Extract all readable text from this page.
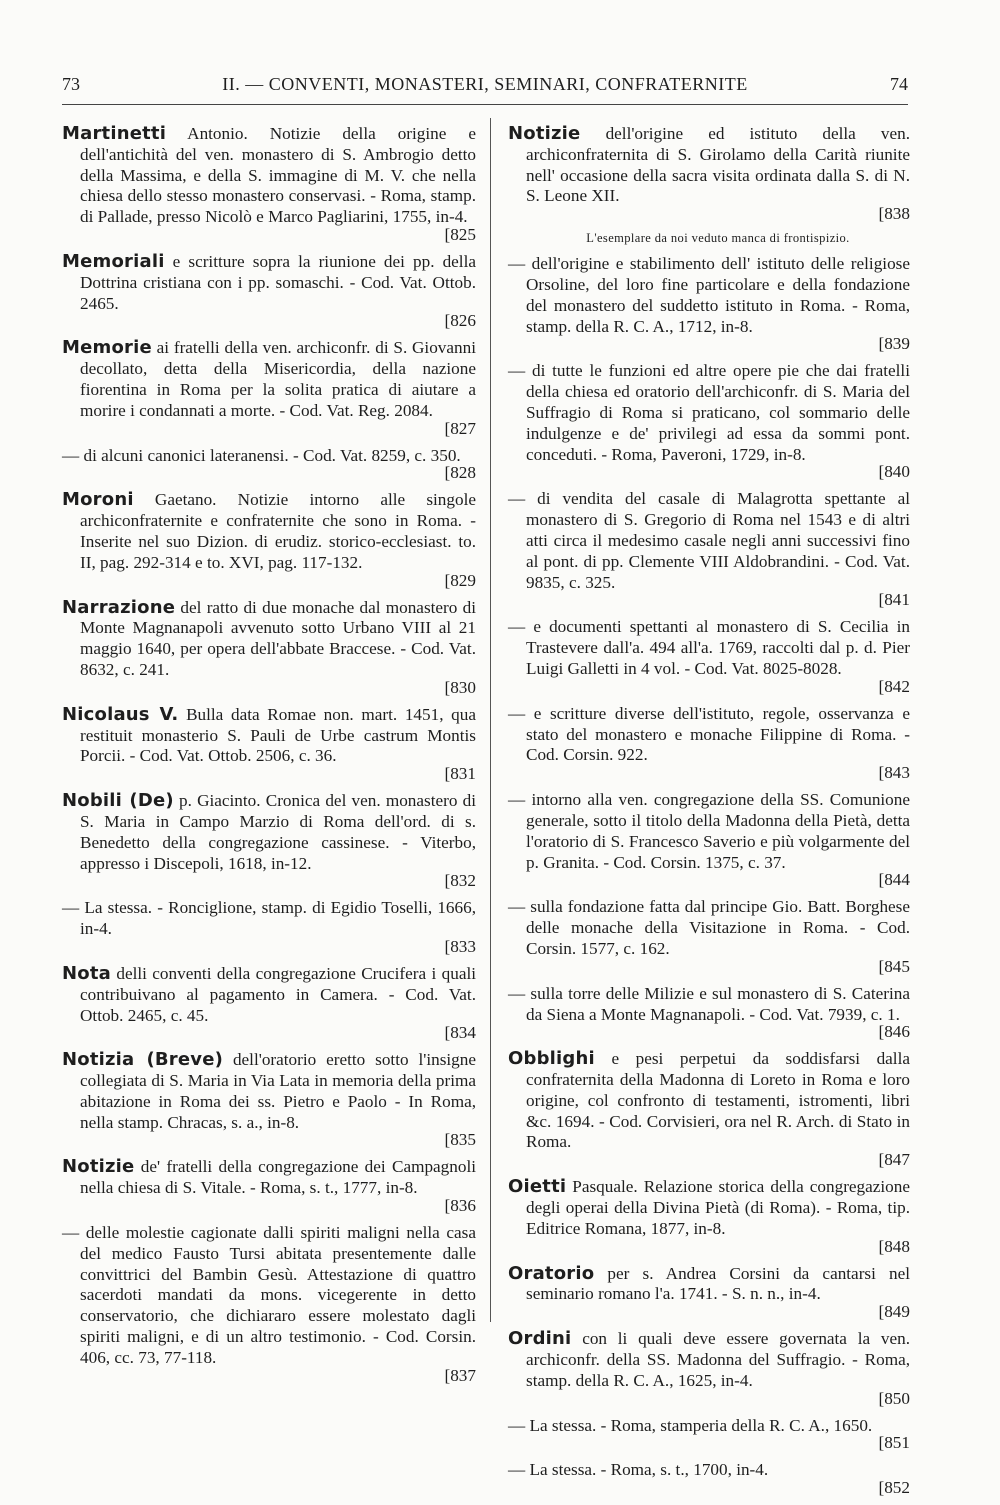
73	II. — CONVENTI, MONASTERI, SEMINARI, CONFRATERNITE	74
Martinetti Antonio. Notizie della origine e dell'antichità del ven. monastero di S. Ambrogio detto della Massima, e della S. immagine di M. V. che nella chiesa dello stesso monastero conservasi. - Roma, stamp. di Pallade, presso Nicolò e Marco Pagliarini, 1755, in-4.
[825
Memoriali e scritture sopra la riunione dei pp. della Dottrina cristiana con i pp. somaschi. - Cod. Vat. Ottob. 2465.
[826
Memorie ai fratelli della ven. archiconfr. di S. Giovanni decollato, detta della Misericordia, della nazione fiorentina in Roma per la solita pratica di aiutare a morire i condannati a morte. - Cod. Vat. Reg. 2084.
[827
— di alcuni canonici lateranensi. - Cod. Vat. 8259, c. 350.
[828
Moroni Gaetano. Notizie intorno alle singole archiconfraternite e confraternite che sono in Roma. - Inserite nel suo Dizion. di erudiz. storico-ecclesiast. to. II, pag. 292-314 e to. XVI, pag. 117-132.
[829
Narrazione del ratto di due monache dal monastero di Monte Magnanapoli avvenuto sotto Urbano VIII al 21 maggio 1640, per opera dell'abbate Braccese. - Cod. Vat. 8632, c. 241.
[830
Nicolaus V. Bulla data Romae non. mart. 1451, qua restituit monasterio S. Pauli de Urbe castrum Montis Porcii. - Cod. Vat. Ottob. 2506, c. 36.
[831
Nobili (De) p. Giacinto. Cronica del ven. monastero di S. Maria in Campo Marzio di Roma dell'ord. di s. Benedetto della congregazione cassinese. - Viterbo, appresso i Discepoli, 1618, in-12.
[832
— La stessa. - Ronciglione, stamp. di Egidio Toselli, 1666, in-4.
[833
Nota delli conventi della congregazione Crucifera i quali contribuivano al pagamento in Camera. - Cod. Vat. Ottob. 2465, c. 45.
[834
Notizia (Breve) dell'oratorio eretto sotto l'insigne collegiata di S. Maria in Via Lata in memoria della prima abitazione in Roma dei ss. Pietro e Paolo - In Roma, nella stamp. Chracas, s. a., in-8.
[835
Notizie de' fratelli della congregazione dei Campagnoli nella chiesa di S. Vitale. - Roma, s. t., 1777, in-8.
[836
— delle molestie cagionate dalli spiriti maligni nella casa del medico Fausto Tursi abitata presentemente dalle convittrici del Bambin Gesù. Attestazione di quattro sacerdoti mandati da mons. vicegerente in detto conservatorio, che dichiararo essere molestato dagli spiriti maligni, e di un altro testimonio. - Cod. Corsin. 406, cc. 73, 77-118.
[837
Notizie dell'origine ed istituto della ven. archiconfraternita di S. Girolamo della Carità riunite nell' occasione della sacra visita ordinata dalla S. di N. S. Leone XII.
[838
L'esemplare da noi veduto manca di frontispizio.
— dell'origine e stabilimento dell' istituto delle religiose Orsoline, del loro fine particolare e della fondazione del monastero del suddetto istituto in Roma. - Roma, stamp. della R. C. A., 1712, in-8.
[839
— di tutte le funzioni ed altre opere pie che dai fratelli della chiesa ed oratorio dell'archiconfr. di S. Maria del Suffragio di Roma si praticano, col sommario delle indulgenze e de' privilegi ad essa da sommi pont. conceduti. - Roma, Paveroni, 1729, in-8.
[840
— di vendita del casale di Malagrotta spettante al monastero di S. Gregorio di Roma nel 1543 e di altri atti circa il medesimo casale negli anni successivi fino al pont. di pp. Clemente VIII Aldobrandini. - Cod. Vat. 9835, c. 325.
[841
— e documenti spettanti al monastero di S. Cecilia in Trastevere dall'a. 494 all'a. 1769, raccolti dal p. d. Pier Luigi Galletti in 4 vol. - Cod. Vat. 8025-8028.
[842
— e scritture diverse dell'istituto, regole, osservanza e stato del monastero e monache Filippine di Roma. - Cod. Corsin. 922.
[843
— intorno alla ven. congregazione della SS. Comunione generale, sotto il titolo della Madonna della Pietà, detta l'oratorio di S. Francesco Saverio e più volgarmente del p. Granita. - Cod. Corsin. 1375, c. 37.
[844
— sulla fondazione fatta dal principe Gio. Batt. Borghese delle monache della Visitazione in Roma. - Cod. Corsin. 1577, c. 162.
[845
— sulla torre delle Milizie e sul monastero di S. Caterina da Siena a Monte Magnanapoli. - Cod. Vat. 7939, c. 1.
[846
Obblighi e pesi perpetui da soddisfarsi dalla confraternita della Madonna di Loreto in Roma e loro origine, col confronto di testamenti, istromenti, libri &c. 1694. - Cod. Corvisieri, ora nel R. Arch. di Stato in Roma.
[847
Oietti Pasquale. Relazione storica della congregazione degli operai della Divina Pietà (di Roma). - Roma, tip. Editrice Romana, 1877, in-8.
[848
Oratorio per s. Andrea Corsini da cantarsi nel seminario romano l'a. 1741. - S. n. n., in-4.
[849
Ordini con li quali deve essere governata la ven. archiconfr. della SS. Madonna del Suffragio. - Roma, stamp. della R. C. A., 1625, in-4.
[850
— La stessa. - Roma, stamperia della R. C. A., 1650.
[851
— La stessa. - Roma, s. t., 1700, in-4.
[852
